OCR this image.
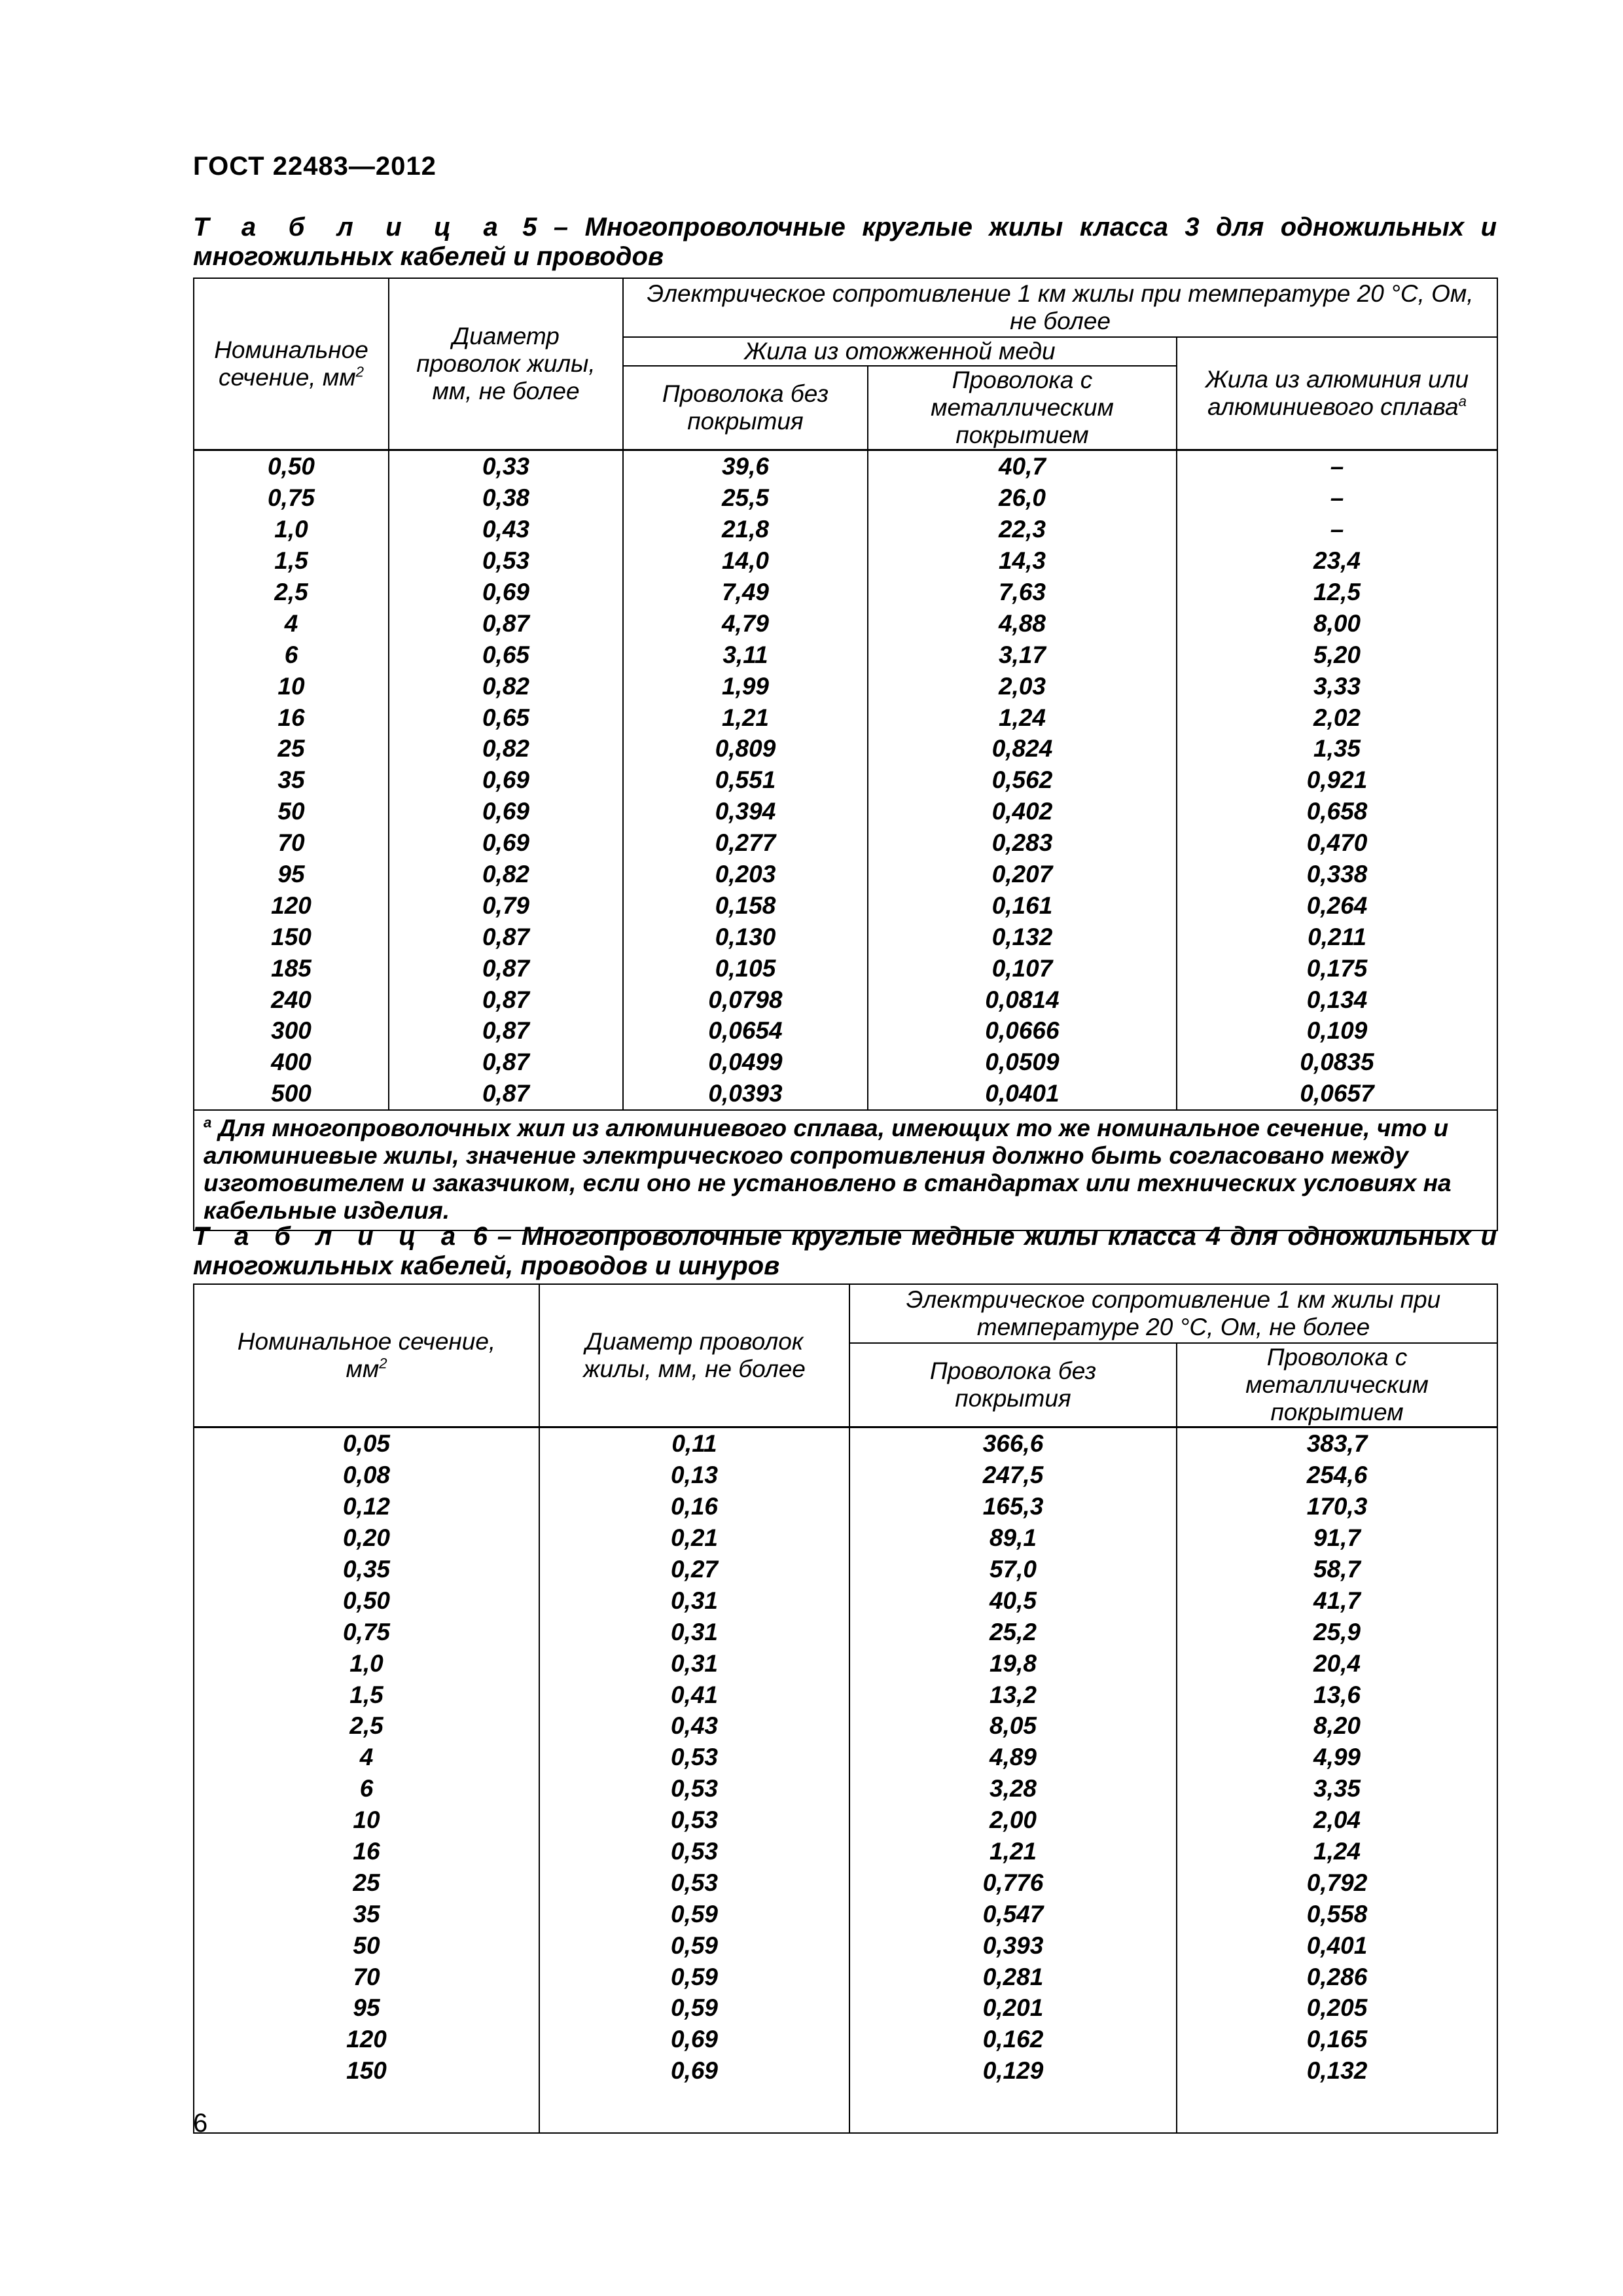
ГОСТ 22483—2012
Т а б л и ц а 5 – Многопроволочные круглые жилы класса 3 для одножильных и многожильных кабелей и проводов
Номинальное сечение, $мм^2$	Диаметр проволок жилы, мм, не более	Электрическое сопротивление 1 км жилы при температуре 20 °С, Ом, не более		
		Жила из отожженной меди		Жила из алюминия или алюминиевого сплава$^a$
		Проволока без покрытия	Проволока с металлическим покрытием	
0,50	0,33	39,6	40,7	–
0,75	0,38	25,5	26,0	–
1,0	0,43	21,8	22,3	–
1,5	0,53	14,0	14,3	23,4
2,5	0,69	7,49	7,63	12,5
4	0,87	4,79	4,88	8,00
6	0,65	3,11	3,17	5,20
10	0,82	1,99	2,03	3,33
16	0,65	1,21	1,24	2,02
25	0,82	0,809	0,824	1,35
35	0,69	0,551	0,562	0,921
50	0,69	0,394	0,402	0,658
70	0,69	0,277	0,283	0,470
95	0,82	0,203	0,207	0,338
120	0,79	0,158	0,161	0,264
150	0,87	0,130	0,132	0,211
185	0,87	0,105	0,107	0,175
240	0,87	0,0798	0,0814	0,134
300	0,87	0,0654	0,0666	0,109
400	0,87	0,0499	0,0509	0,0835
500	0,87	0,0393	0,0401	0,0657
$^a$ Для многопроволочных жил из алюминиевого сплава, имеющих то же номинальное сечение, что и алюминиевые жилы, значение электрического сопротивления должно быть согласовано между изготовителем и заказчиком, если оно не установлено в стандартах или технических условиях на кабельные изделия.				
Т а б л и ц а 6 – Многопроволочные круглые медные жилы класса 4 для одножильных и многожильных кабелей, проводов и шнуров
Номинальное сечение, $мм^2$	Диаметр проволок жилы, мм, не более	Электрическое сопротивление 1 км жилы при температуре 20 °С, Ом, не более	
		Проволока без покрытия	Проволока с металлическим покрытием
0,05	0,11	366,6	383,7
0,08	0,13	247,5	254,6
0,12	0,16	165,3	170,3
0,20	0,21	89,1	91,7
0,35	0,27	57,0	58,7
0,50	0,31	40,5	41,7
0,75	0,31	25,2	25,9
1,0	0,31	19,8	20,4
1,5	0,41	13,2	13,6
2,5	0,43	8,05	8,20
4	0,53	4,89	4,99
6	0,53	3,28	3,35
10	0,53	2,00	2,04
16	0,53	1,21	1,24
25	0,53	0,776	0,792
35	0,59	0,547	0,558
50	0,59	0,393	0,401
70	0,59	0,281	0,286
95	0,59	0,201	0,205
120	0,69	0,162	0,165
150	0,69	0,129	0,132

6
